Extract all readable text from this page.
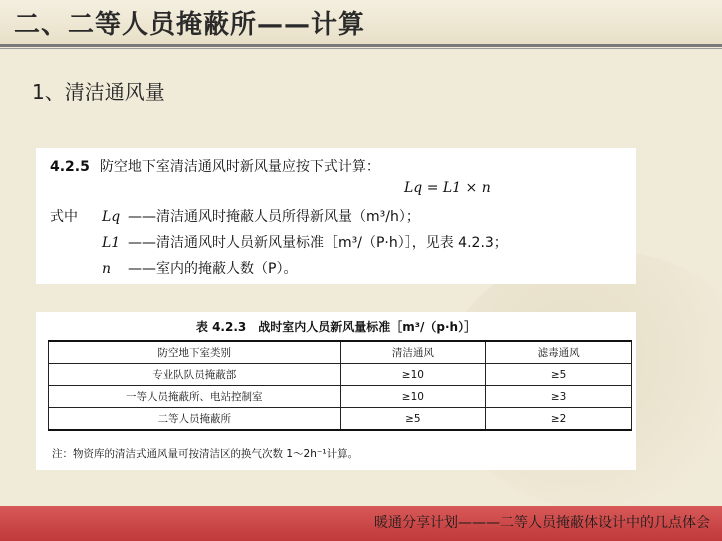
二、二等人员掩蔽所——计算
1、清洁通风量
4.2.5 防空地下室清洁通风时新风量应按下式计算：
Lq = L1 × n
式中 Lq ——清洁通风时掩蔽人员所得新风量（m³/h）；
L1 ——清洁通风时人员新风量标准［m³/（P·h）］，见表 4.2.3；
n ——室内的掩蔽人数（P）。
表 4.2.3　战时室内人员新风量标准［m³/（p·h）］
防空地下室类别	清洁通风	滤毒通风
专业队队员掩蔽部	≥10	≥5
一等人员掩蔽所、电站控制室	≥10	≥3
二等人员掩蔽所	≥5	≥2
注：物资库的清洁式通风量可按清洁区的换气次数 1～2h⁻¹计算。
暖通分享计划———二等人员掩蔽体设计中的几点体会
